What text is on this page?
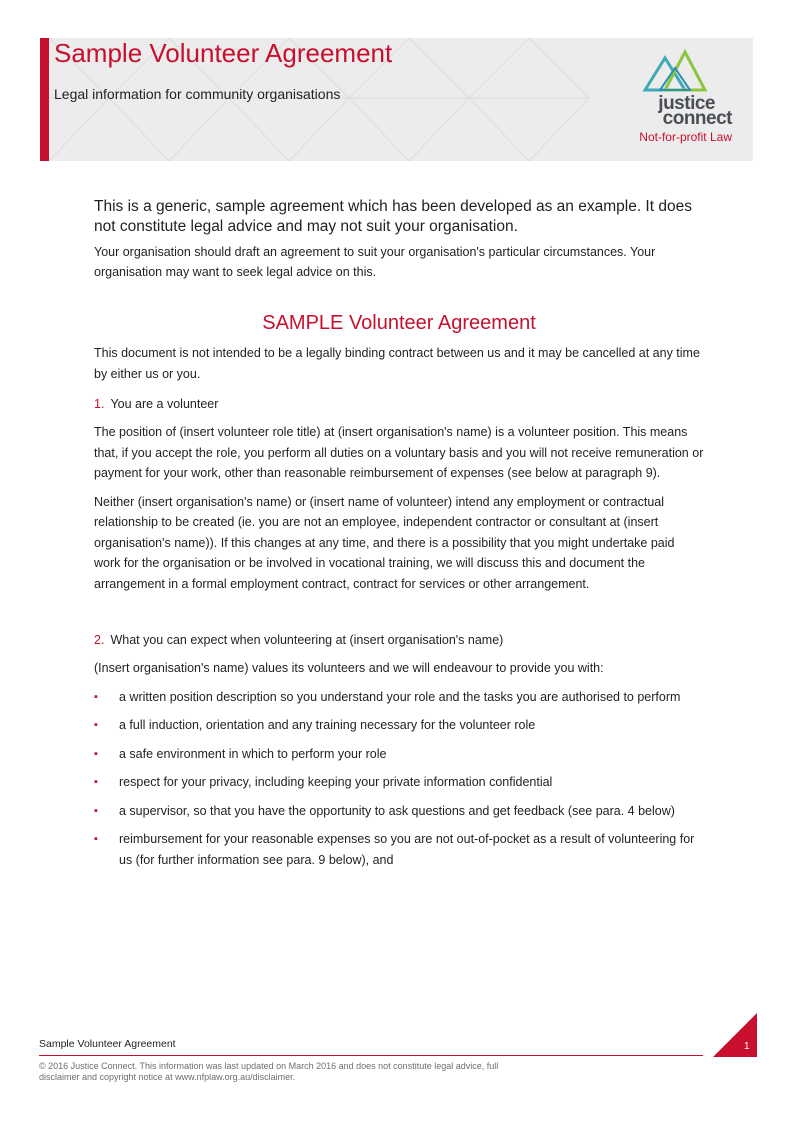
Sample Volunteer Agreement
Legal information for community organisations	justice
connect
Not-for-profit Law

This is a generic, sample agreement which has been developed as an example. It does not constitute legal advice and may not suit your organisation.

Your organisation should draft an agreement to suit your organisation's particular circumstances. Your organisation may want to seek legal advice on this.

SAMPLE Volunteer Agreement

This document is not intended to be a legally binding contract between us and it may be cancelled at any time by either us or you.

1. You are a volunteer

The position of (insert volunteer role title) at (insert organisation's name) is a volunteer position. This means that, if you accept the role, you perform all duties on a voluntary basis and you will not receive remuneration or payment for your work, other than reasonable reimbursement of expenses (see below at paragraph 9).

Neither (insert organisation's name) or (insert name of volunteer) intend any employment or contractual relationship to be created (ie. you are not an employee, independent contractor or consultant at (insert organisation's name)). If this changes at any time, and there is a possibility that you might undertake paid work for the organisation or be involved in vocational training, we will discuss this and document the arrangement in a formal employment contract, contract for services or other arrangement.

2. What you can expect when volunteering at (insert organisation's name)

(Insert organisation's name) values its volunteers and we will endeavour to provide you with:

▪ a written position description so you understand your role and the tasks you are authorised to perform
▪ a full induction, orientation and any training necessary for the volunteer role
▪ a safe environment in which to perform your role
▪ respect for your privacy, including keeping your private information confidential
▪ a supervisor, so that you have the opportunity to ask questions and get feedback (see para. 4 below)
▪ reimbursement for your reasonable expenses so you are not out-of-pocket as a result of volunteering for us (for further information see para. 9 below), and
Sample Volunteer Agreement	1
© 2016 Justice Connect. This information was last updated on March 2016 and does not constitute legal advice, full disclaimer and copyright notice at www.nfplaw.org.au/disclaimer.
